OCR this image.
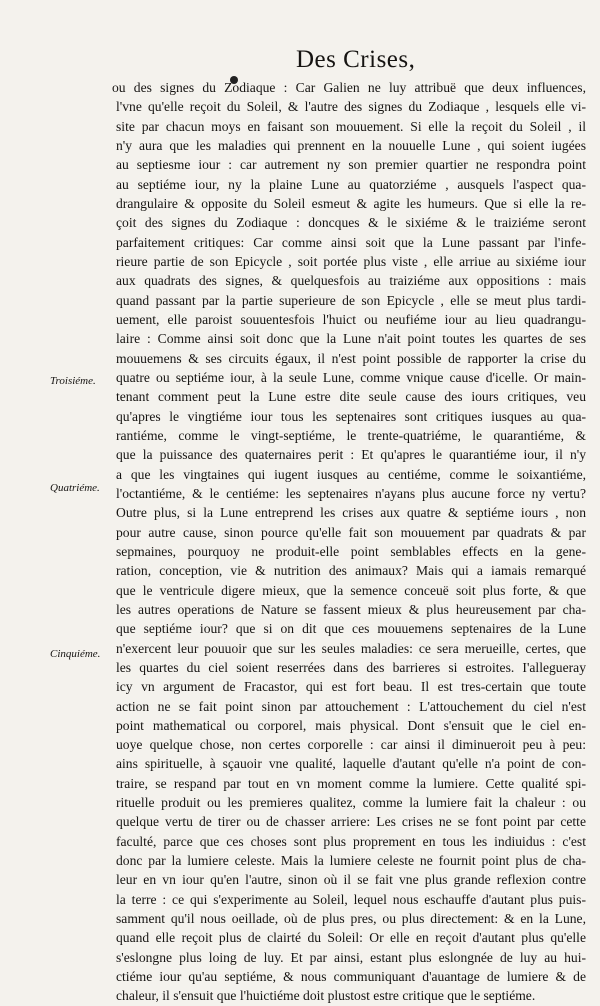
Des Crises,
Troisiéme.
Quatriéme.
Cinquiéme.
ou des signes du Zodiaque : Car Galien ne luy attribuë que deux influences,
l'vne qu'elle reçoit du Soleil, & l'autre des signes du Zodiaque , lesquels elle vi-
site par chacun moys en faisant son mouuement. Si elle la reçoit du Soleil , il
n'y aura que les maladies qui prennent en la nouuelle Lune , qui soient iugées
au septiesme iour : car autrement ny son premier quartier ne respondra point
au septiéme iour, ny la plaine Lune au quatorziéme , ausquels l'aspect qua-
drangulaire & opposite du Soleil esmeut & agite les humeurs. Que si elle la re-
çoit des signes du Zodiaque : doncques & le sixiéme & le traiziéme seront
parfaitement critiques: Car comme ainsi soit que la Lune passant par l'infe-
rieure partie de son Epicycle , soit portée plus viste , elle arriue au sixiéme iour
aux quadrats des signes, & quelquesfois au traiziéme aux oppositions : mais
quand passant par la partie superieure de son Epicycle , elle se meut plus tardi-
uement, elle paroist souuentesfois l'huict ou neufiéme iour au lieu quadrangu-
laire : Comme ainsi soit donc que la Lune n'ait point toutes les quartes de ses
mouuemens & ses circuits égaux, il n'est point possible de rapporter la crise du
quatre ou septiéme iour, à la seule Lune, comme vnique cause d'icelle. Or main-
tenant comment peut la Lune estre dite seule cause des iours critiques, veu
qu'apres le vingtiéme iour tous les septenaires sont critiques iusques au qua-
rantiéme, comme le vingt-septiéme, le trente-quatriéme, le quarantiéme, &
que la puissance des quaternaires perit : Et qu'apres le quarantiéme iour, il n'y
a que les vingtaines qui iugent iusques au centiéme, comme le soixantiéme,
l'octantiéme, & le centiéme: les septenaires n'ayans plus aucune force ny vertu?
Outre plus, si la Lune entreprend les crises aux quatre & septiéme iours , non
pour autre cause, sinon pource qu'elle fait son mouuement par quadrats & par
sepmaines, pourquoy ne produit-elle point semblables effects en la gene-
ration, conception, vie & nutrition des animaux? Mais qui a iamais remarqué
que le ventricule digere mieux, que la semence conceuë soit plus forte, & que
les autres operations de Nature se fassent mieux & plus heureusement par cha-
que septiéme iour? que si on dit que ces mouuemens septenaires de la Lune
n'exercent leur pouuoir que sur les seules maladies: ce sera merueille, certes, que
les quartes du ciel soient reserrées dans des barrieres si estroites. I'allegueray
icy vn argument de Fracastor, qui est fort beau. Il est tres-certain que toute
action ne se fait point sinon par attouchement : L'attouchement du ciel n'est
point mathematical ou corporel, mais physical. Dont s'ensuit que le ciel en-
uoye quelque chose, non certes corporelle : car ainsi il diminueroit peu à peu:
ains spirituelle, à sçauoir vne qualité, laquelle d'autant qu'elle n'a point de con-
traire, se respand par tout en vn moment comme la lumiere. Cette qualité spi-
rituelle produit ou les premieres qualitez, comme la lumiere fait la chaleur : ou
quelque vertu de tirer ou de chasser arriere: Les crises ne se font point par cette
faculté, parce que ces choses sont plus proprement en tous les indiuidus : c'est
donc par la lumiere celeste. Mais la lumiere celeste ne fournit point plus de cha-
leur en vn iour qu'en l'autre, sinon où il se fait vne plus grande reflexion contre
la terre : ce qui s'experimente au Soleil, lequel nous eschauffe d'autant plus puis-
samment qu'il nous oeillade, où de plus pres, ou plus directement: & en la Lune,
quand elle reçoit plus de clairté du Soleil: Or elle en reçoit d'autant plus qu'elle
s'eslongne plus loing de luy. Et par ainsi, estant plus eslongnée de luy au hui-
ctiéme iour qu'au septiéme, & nous communiquant d'auantage de lumiere & de
chaleur, il s'ensuit que l'huictiéme doit plustost estre critique que le septiéme.
